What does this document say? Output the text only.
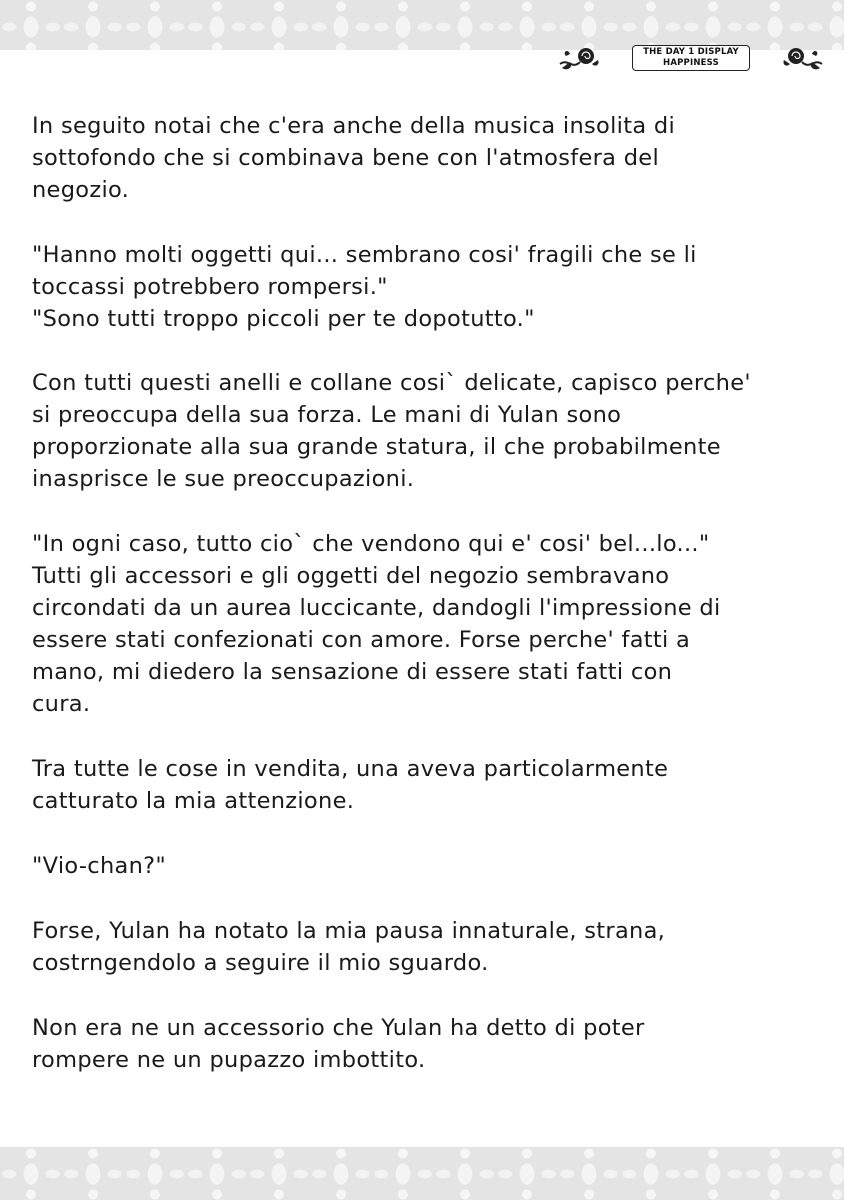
THE DAY 1 DISPLAY
HAPPINESS

In seguito notai che c'era anche della musica insolita di
sottofondo che si combinava bene con l'atmosfera del
negozio.

"Hanno molti oggetti qui... sembrano cosi' fragili che se li
toccassi potrebbero rompersi."
"Sono tutti troppo piccoli per te dopotutto."

Con tutti questi anelli e collane cosi` delicate, capisco perche'
si preoccupa della sua forza. Le mani di Yulan sono
proporzionate alla sua grande statura, il che probabilmente
inasprisce le sue preoccupazioni.

"In ogni caso, tutto cio` che vendono qui e' cosi' bel...lo..."
Tutti gli accessori e gli oggetti del negozio sembravano
circondati da un aurea luccicante, dandogli l'impressione di
essere stati confezionati con amore. Forse perche' fatti a
mano, mi diedero la sensazione di essere stati fatti con
cura.

Tra tutte le cose in vendita, una aveva particolarmente
catturato la mia attenzione.

"Vio-chan?"

Forse, Yulan ha notato la mia pausa innaturale, strana,
costrngendolo a seguire il mio sguardo.

Non era ne un accessorio che Yulan ha detto di poter
rompere ne un pupazzo imbottito.
